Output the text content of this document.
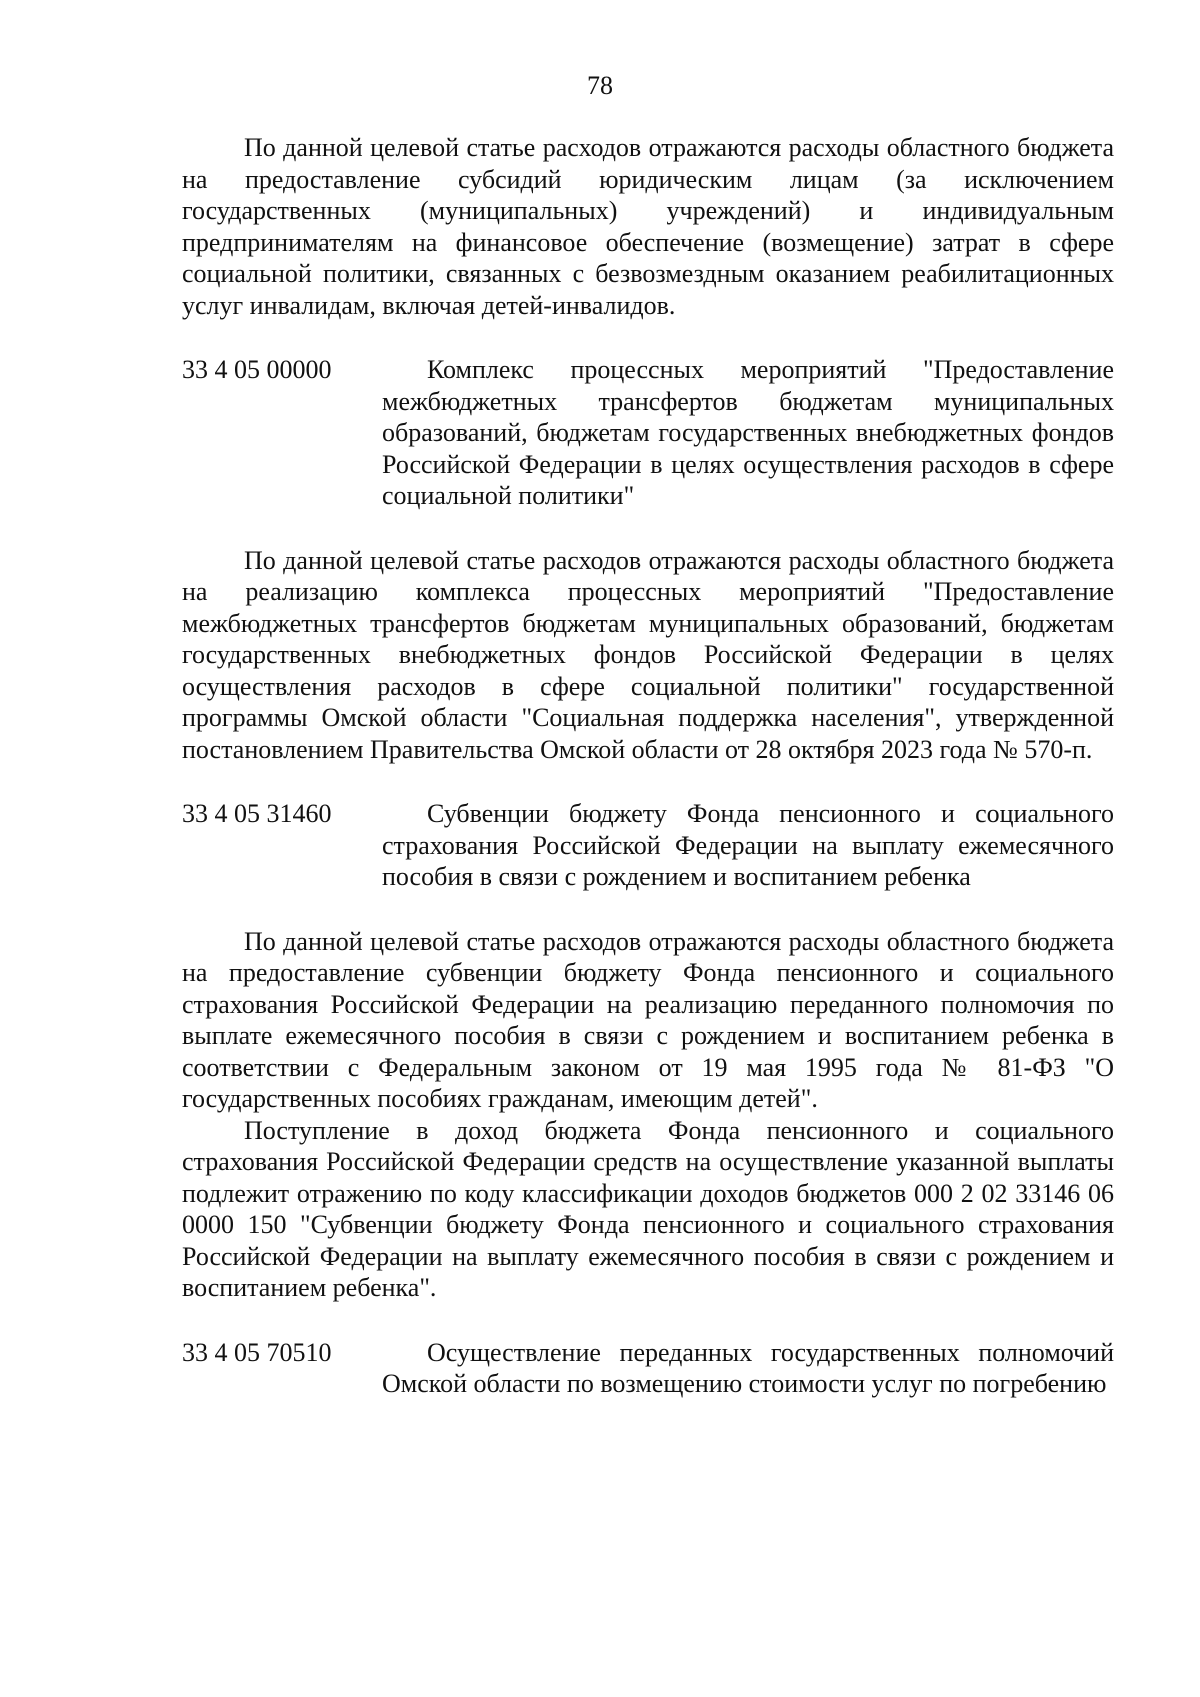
78

По данной целевой статье расходов отражаются расходы областного бюджета на предоставление субсидий юридическим лицам (за исключением государственных (муниципальных) учреждений) и индивидуальным предпринимателям на финансовое обеспечение (возмещение) затрат в сфере социальной политики, связанных с безвозмездным оказанием реабилитационных услуг инвалидам, включая детей-инвалидов.

33 4 05 00000	Комплекс процессных мероприятий "Предоставление межбюджетных трансфертов бюджетам муниципальных образований, бюджетам государственных внебюджетных фондов Российской Федерации в целях осуществления расходов в сфере социальной политики"

По данной целевой статье расходов отражаются расходы областного бюджета на реализацию комплекса процессных мероприятий "Предоставление межбюджетных трансфертов бюджетам муниципальных образований, бюджетам государственных внебюджетных фондов Российской Федерации в целях осуществления расходов в сфере социальной политики" государственной программы Омской области "Социальная поддержка населения", утвержденной постановлением Правительства Омской области от 28 октября 2023 года № 570-п.

33 4 05 31460	Субвенции бюджету Фонда пенсионного и социального страхования Российской Федерации на выплату ежемесячного пособия в связи с рождением и воспитанием ребенка

По данной целевой статье расходов отражаются расходы областного бюджета на предоставление субвенции бюджету Фонда пенсионного и социального страхования Российской Федерации на реализацию переданного полномочия по выплате ежемесячного пособия в связи с рождением и воспитанием ребенка в соответствии с Федеральным законом от 19 мая 1995 года № 81-ФЗ "О государственных пособиях гражданам, имеющим детей".

Поступление в доход бюджета Фонда пенсионного и социального страхования Российской Федерации средств на осуществление указанной выплаты подлежит отражению по коду классификации доходов бюджетов 000 2 02 33146 06 0000 150 "Субвенции бюджету Фонда пенсионного и социального страхования Российской Федерации на выплату ежемесячного пособия в связи с рождением и воспитанием ребенка".

33 4 05 70510	Осуществление переданных государственных полномочий Омской области по возмещению стоимости услуг по погребению
